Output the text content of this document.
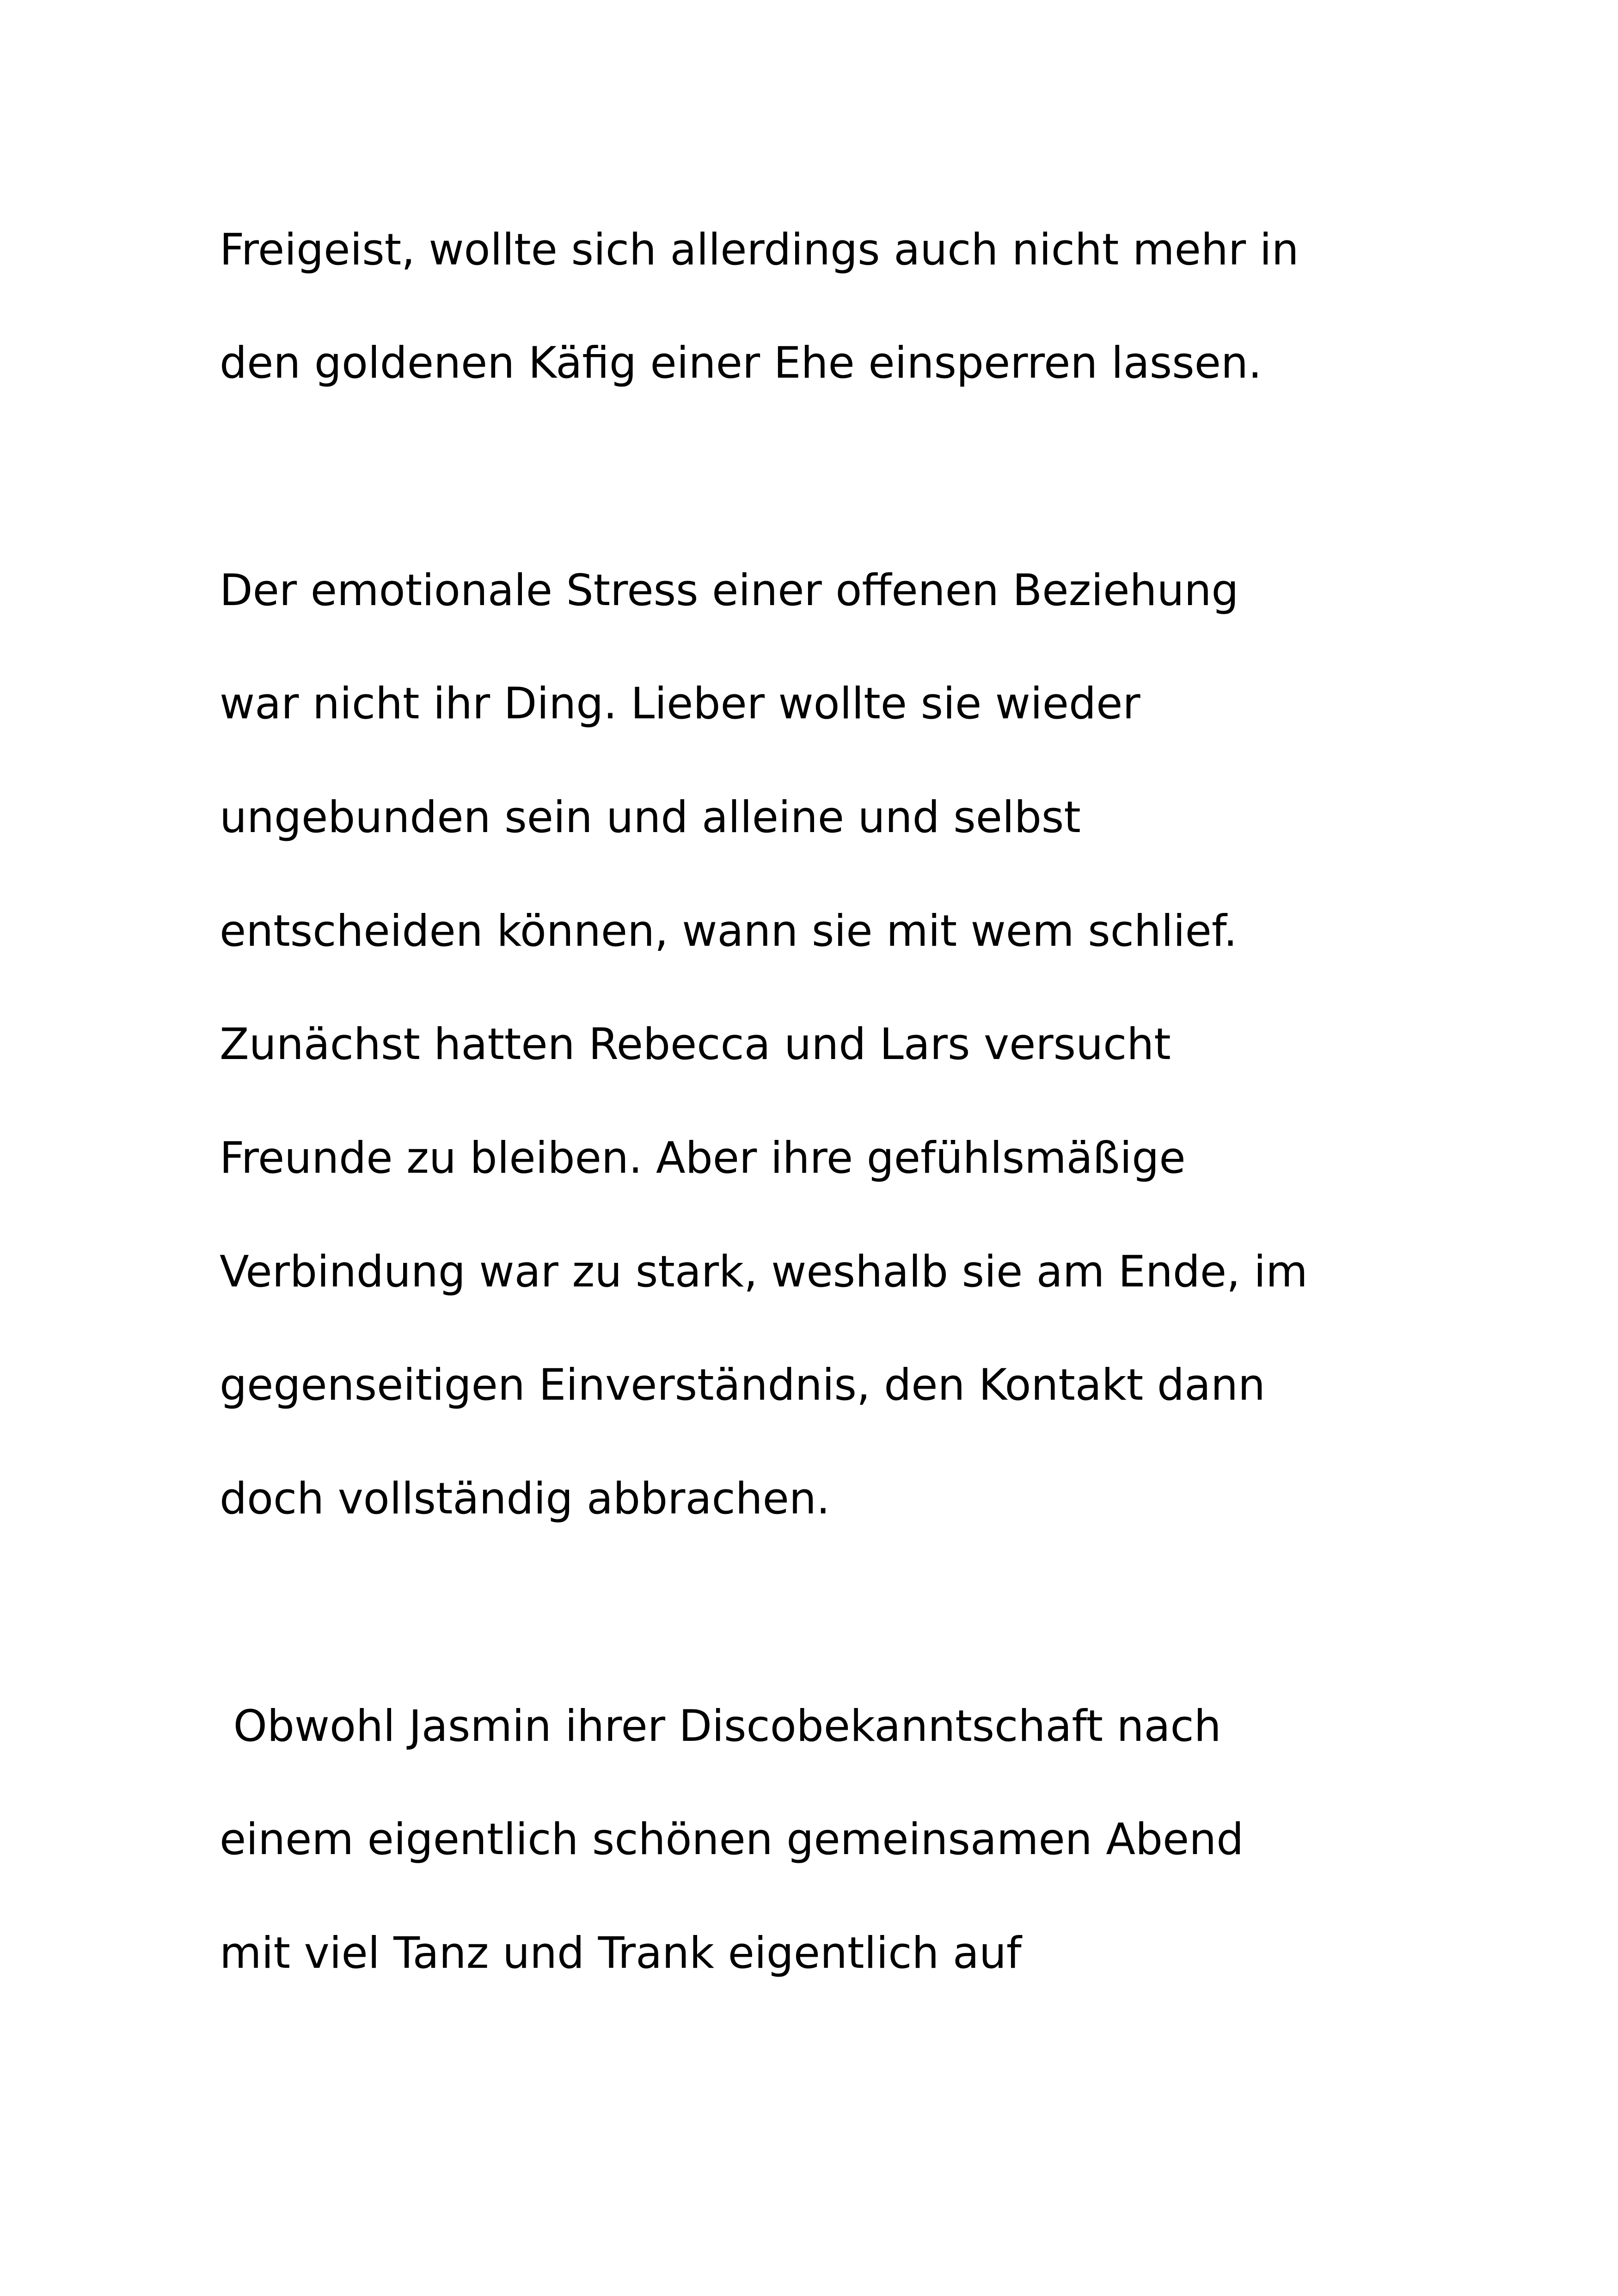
Freigeist, wollte sich allerdings auch nicht mehr in
den goldenen Käfig einer Ehe einsperren lassen.
Der emotionale Stress einer offenen Beziehung
war nicht ihr Ding. Lieber wollte sie wieder
ungebunden sein und alleine und selbst
entscheiden können, wann sie mit wem schlief.
Zunächst hatten Rebecca und Lars versucht
Freunde zu bleiben. Aber ihre gefühlsmäßige
Verbindung war zu stark, weshalb sie am Ende, im
gegenseitigen Einverständnis, den Kontakt dann
doch vollständig abbrachen.
Obwohl Jasmin ihrer Discobekanntschaft nach
einem eigentlich schönen gemeinsamen Abend
mit viel Tanz und Trank eigentlich auf
